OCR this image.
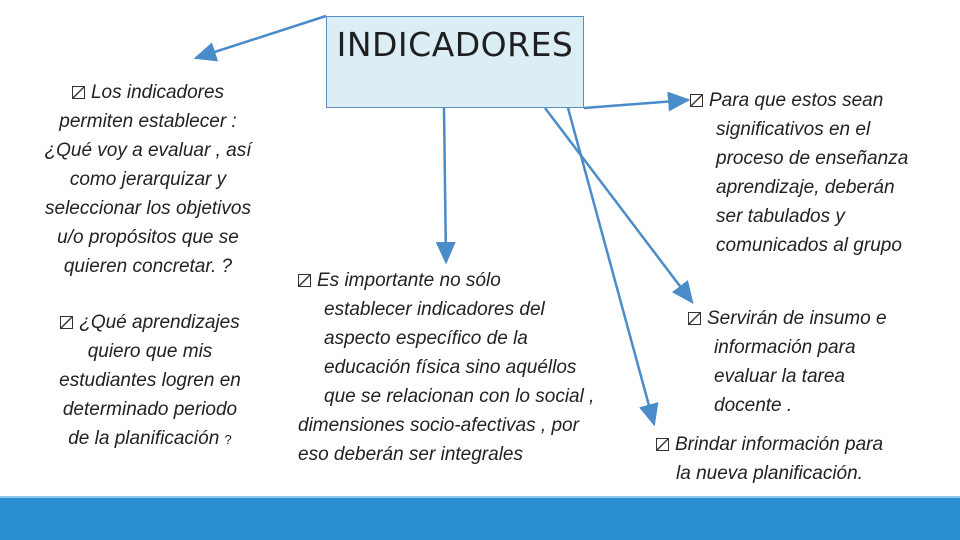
INDICADORES
Los indicadores
permiten establecer :
¿Qué voy a evaluar , así
como jerarquizar y
seleccionar los objetivos
u/o propósitos que se
quieren concretar. ?
¿Qué aprendizajes
quiero que mis
estudiantes logren en
determinado periodo
de la planificación ?
Es importante no sólo
establecer indicadores del
aspecto específico de la
educación física sino aquéllos
que se relacionan con lo social ,
dimensiones socio-afectivas , por
eso deberán ser integrales
Para que estos sean
significativos en el
proceso de enseñanza
aprendizaje, deberán
ser tabulados y
comunicados al grupo
Servirán de insumo e
información para
evaluar la tarea
docente .
Brindar información para
la nueva planificación.
